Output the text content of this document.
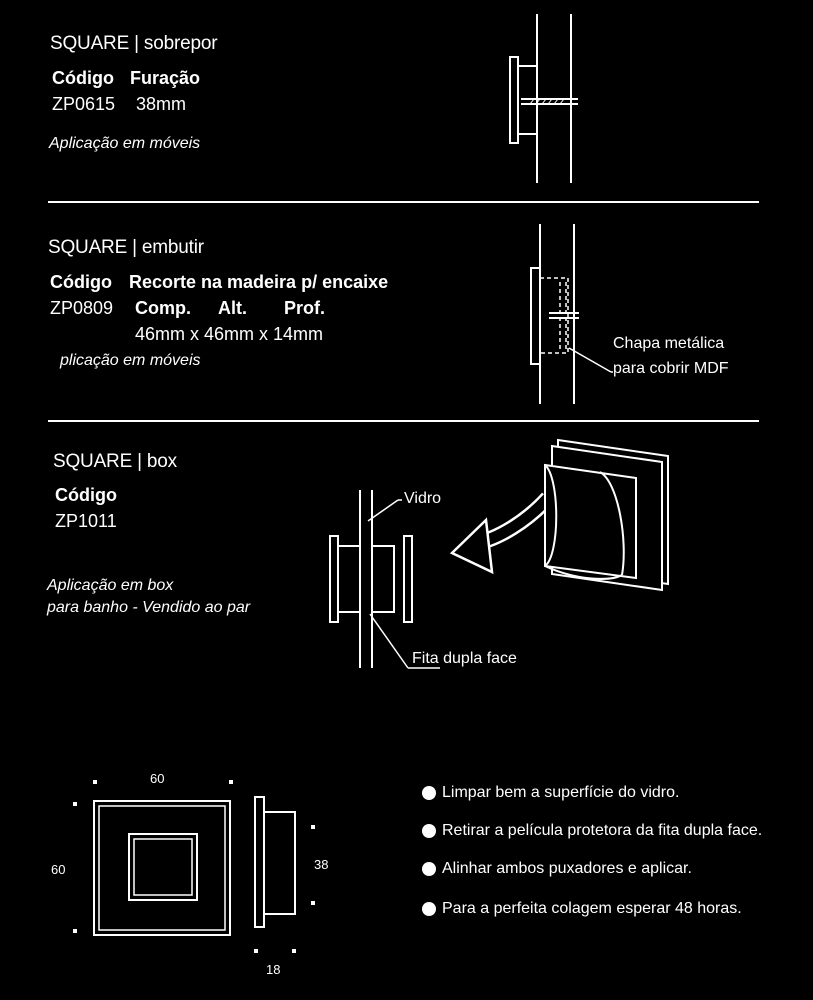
SQUARE | sobrepor
Código Furação
ZP0615 38mm
Aplicação em móveis
SQUARE | embutir
Código Recorte na madeira p/ encaixe
ZP0809 Comp. Alt. Prof.
46mm x 46mm x 14mm
plicação em móveis
Chapa metálica
para cobrir MDF
SQUARE | box
Código
ZP1011
Aplicação em box
para banho - Vendido ao par
Vidro
Fita dupla face
60
60	38
18
Limpar bem a superfície do vidro.
Retirar a película protetora da fita dupla face.
Alinhar ambos puxadores e aplicar.
Para a perfeita colagem esperar 48 horas.
